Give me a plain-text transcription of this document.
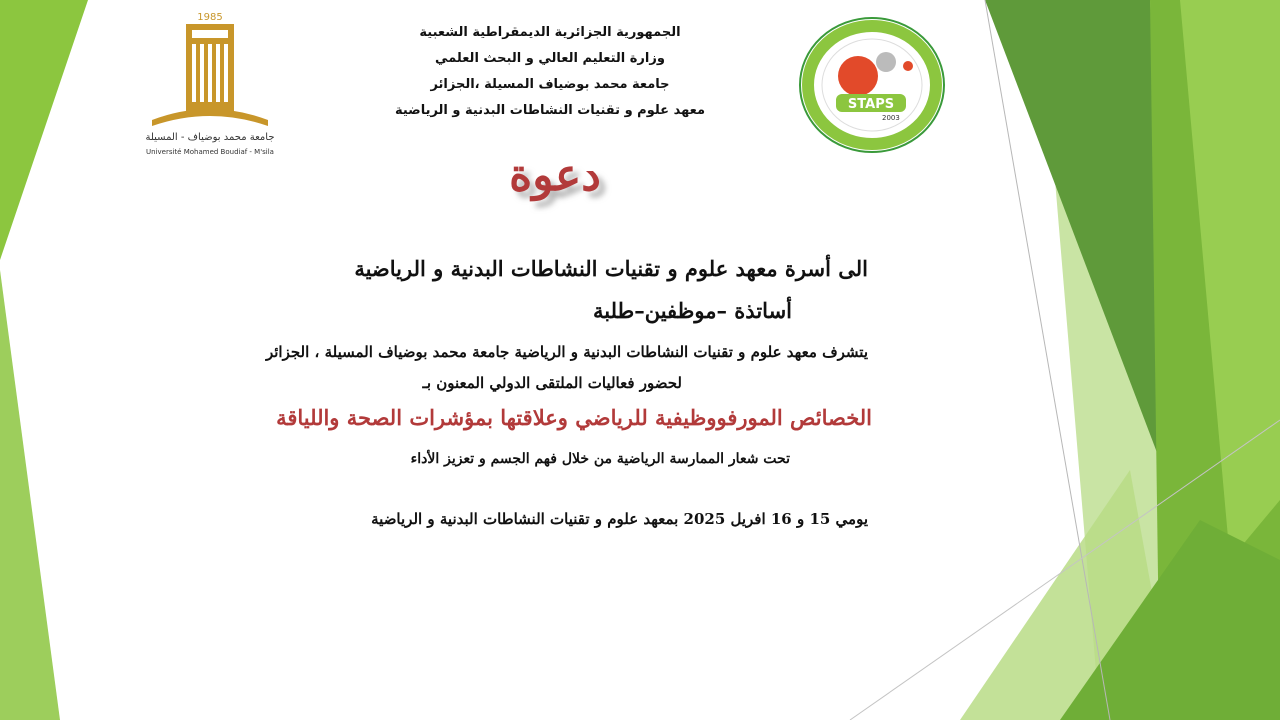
1985
جامعة محمد بوضياف - المسيلة
Université Mohamed Boudiaf - M'sila
STAPS
2003
الجمهورية الجزائرية الديمقراطية الشعبية
وزارة التعليم العالي و البحث العلمي
جامعة محمد بوضياف المسيلة ،الجزائر
معهد علوم و تقنيات النشاطات البدنية و الرياضية
دعوة
الى أسرة معهد علوم و تقنيات النشاطات البدنية و الرياضية
أساتذة –موظفين–طلبة
يتشرف معهد علوم و تقنيات النشاطات البدنية و الرياضية جامعة محمد بوضياف المسيلة ، الجزائر
لحضور فعاليات الملتقى الدولي المعنون بـ
الخصائص المورفووظيفية للرياضي وعلاقتها بمؤشرات الصحة واللياقة
تحت شعار الممارسة الرياضية من خلال فهم الجسم و تعزيز الأداء
يومي 15 و 16 افريل 2025 بمعهد علوم و تقنيات النشاطات البدنية و الرياضية
